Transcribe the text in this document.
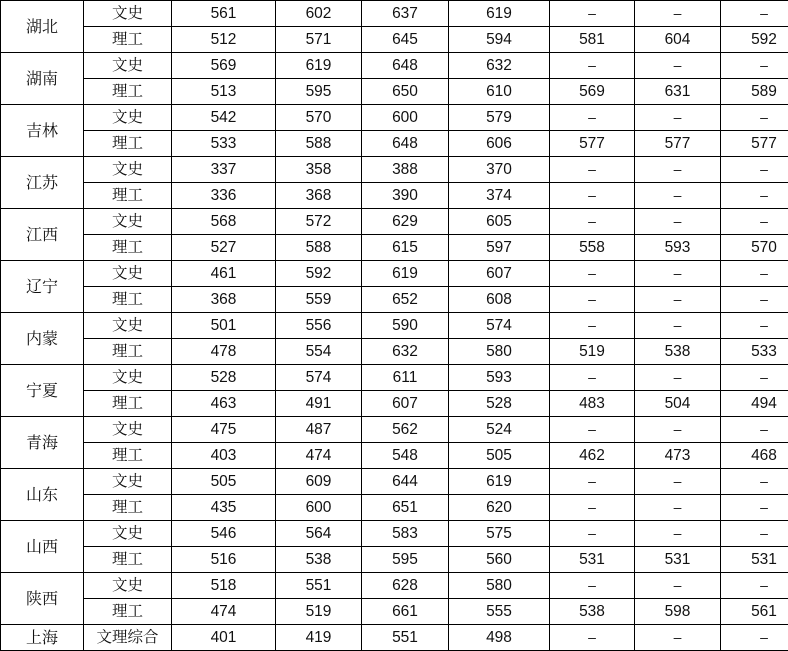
湖北	文史	561	602	637	619	–	–	–
	理工	512	571	645	594	581	604	592
湖南	文史	569	619	648	632	–	–	–
	理工	513	595	650	610	569	631	589
吉林	文史	542	570	600	579	–	–	–
	理工	533	588	648	606	577	577	577
江苏	文史	337	358	388	370	–	–	–
	理工	336	368	390	374	–	–	–
江西	文史	568	572	629	605	–	–	–
	理工	527	588	615	597	558	593	570
辽宁	文史	461	592	619	607	–	–	–
	理工	368	559	652	608	–	–	–
内蒙	文史	501	556	590	574	–	–	–
	理工	478	554	632	580	519	538	533
宁夏	文史	528	574	611	593	–	–	–
	理工	463	491	607	528	483	504	494
青海	文史	475	487	562	524	–	–	–
	理工	403	474	548	505	462	473	468
山东	文史	505	609	644	619	–	–	–
	理工	435	600	651	620	–	–	–
山西	文史	546	564	583	575	–	–	–
	理工	516	538	595	560	531	531	531
陕西	文史	518	551	628	580	–	–	–
	理工	474	519	661	555	538	598	561
上海	文理综合	401	419	551	498	–	–	–
